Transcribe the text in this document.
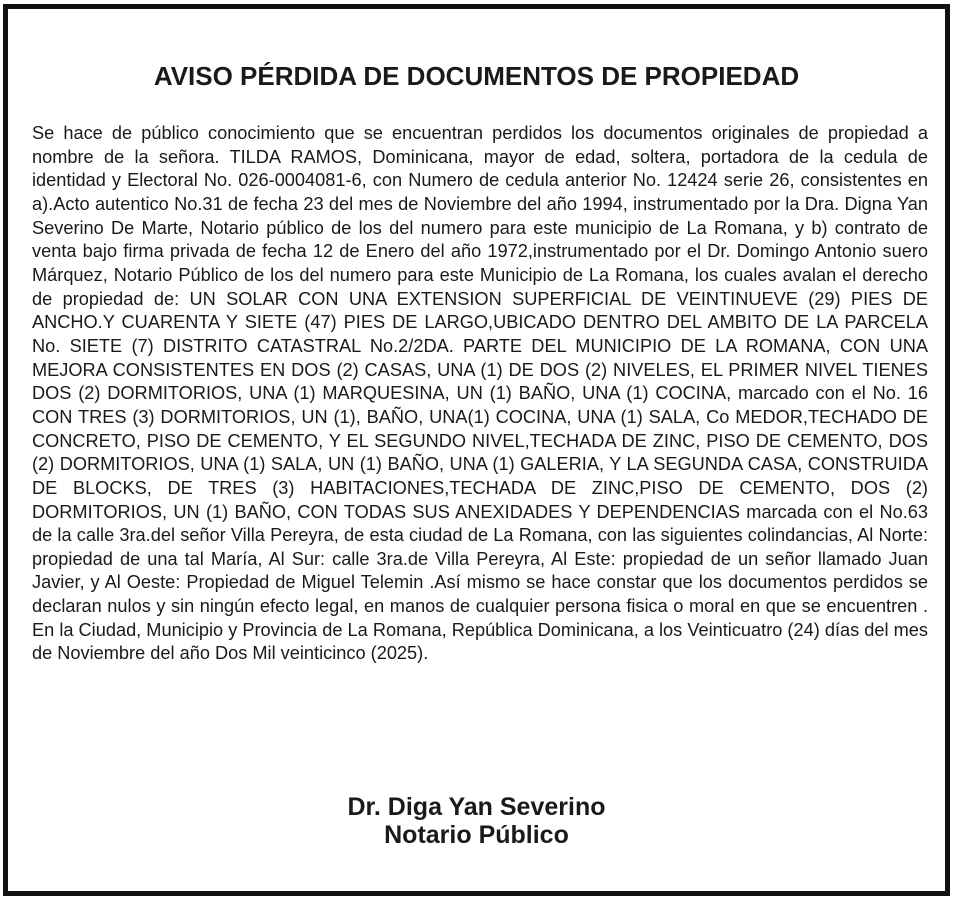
AVISO PÉRDIDA DE DOCUMENTOS DE PROPIEDAD

Se hace de público conocimiento que se encuentran perdidos los documentos originales de propiedad a nombre de la señora. TILDA RAMOS, Dominicana, mayor de edad, soltera, portadora de la cedula de identidad y Electoral No. 026-0004081-6, con Numero de cedula anterior No. 12424 serie 26, consistentes en a).Acto autentico No.31 de fecha 23 del mes de Noviembre del año 1994, instrumentado por la Dra. Digna Yan Severino De Marte, Notario público de los del numero para este municipio de La Romana, y b) contrato de venta bajo firma privada de fecha 12 de Enero del año 1972,instrumentado por el Dr. Domingo Antonio suero Márquez, Notario Público de los del numero para este Municipio de La Romana, los cuales avalan el derecho de propiedad de: UN SOLAR CON UNA EXTENSION SUPERFICIAL DE VEINTINUEVE (29) PIES DE ANCHO.Y CUARENTA Y SIETE (47) PIES DE LARGO,UBICADO DENTRO DEL AMBITO DE LA PARCELA No. SIETE (7) DISTRITO CATASTRAL No.2/2DA. PARTE DEL MUNICIPIO DE LA ROMANA, CON UNA MEJORA CONSISTENTES EN DOS (2) CASAS, UNA (1) DE DOS (2) NIVELES, EL PRIMER NIVEL TIENES DOS (2) DORMITORIOS, UNA (1) MARQUESINA, UN (1) BAÑO, UNA (1) COCINA, marcado con el No. 16 CON TRES (3) DORMITORIOS, UN (1), BAÑO, UNA(1) COCINA, UNA (1) SALA, Co MEDOR,TECHADO DE CONCRETO, PISO DE CEMENTO, Y EL SEGUNDO NIVEL,TECHADA DE ZINC, PISO DE CEMENTO, DOS (2) DORMITORIOS, UNA (1) SALA, UN (1) BAÑO, UNA (1) GALERIA, Y LA SEGUNDA CASA, CONSTRUIDA DE BLOCKS, DE TRES (3) HABITACIONES,TECHADA DE ZINC,PISO DE CEMENTO, DOS (2) DORMITORIOS, UN (1) BAÑO, CON TODAS SUS ANEXIDADES Y DEPENDENCIAS marcada con el No.63 de la calle 3ra.del señor Villa Pereyra, de esta ciudad de La Romana, con las siguientes colindancias, Al Norte: propiedad de una tal María, Al Sur: calle 3ra.de Villa Pereyra, Al Este: propiedad de un señor llamado Juan Javier, y Al Oeste: Propiedad de Miguel Telemin .Así mismo se hace constar que los documentos perdidos se declaran nulos y sin ningún efecto legal, en manos de cualquier persona fisica o moral en que se encuentren . En la Ciudad, Municipio y Provincia de La Romana, República Dominicana, a los Veinticuatro (24) días del mes de Noviembre del año Dos Mil veinticinco (2025).

Dr. Diga Yan Severino
Notario Público
